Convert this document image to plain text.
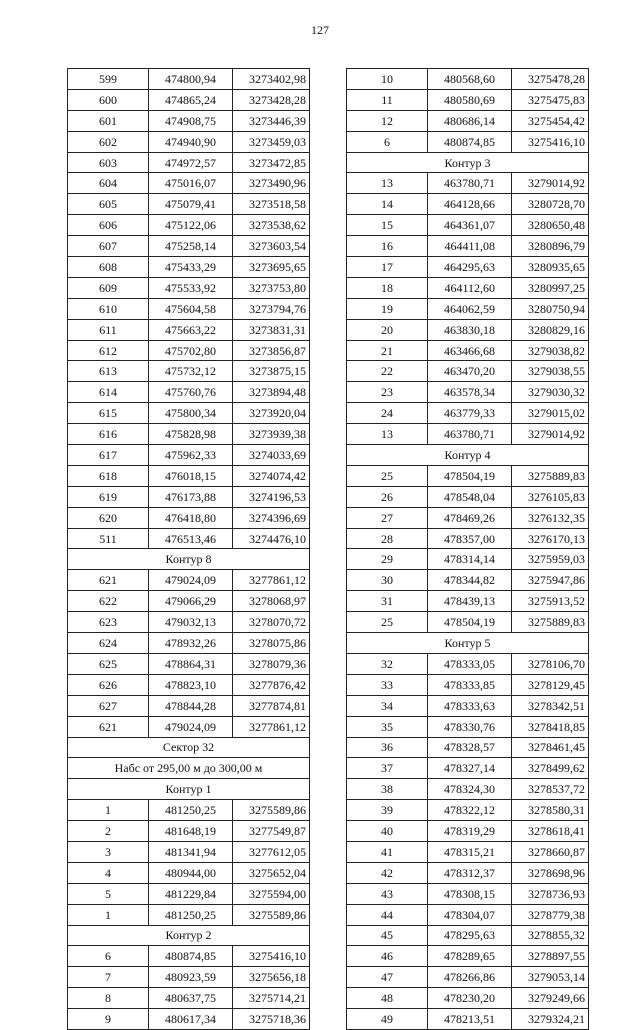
127
599	474800,94	3273402,98
600	474865,24	3273428,28
601	474908,75	3273446,39
602	474940,90	3273459,03
603	474972,57	3273472,85
604	475016,07	3273490,96
605	475079,41	3273518,58
606	475122,06	3273538,62
607	475258,14	3273603,54
608	475433,29	3273695,65
609	475533,92	3273753,80
610	475604,58	3273794,76
611	475663,22	3273831,31
612	475702,80	3273856,87
613	475732,12	3273875,15
614	475760,76	3273894,48
615	475800,34	3273920,04
616	475828,98	3273939,38
617	475962,33	3274033,69
618	476018,15	3274074,42
619	476173,88	3274196,53
620	476418,80	3274396,69
511	476513,46	3274476,10
Контур 8		
621	479024,09	3277861,12
622	479066,29	3278068,97
623	479032,13	3278070,72
624	478932,26	3278075,86
625	478864,31	3278079,36
626	478823,10	3277876,42
627	478844,28	3277874,81
621	479024,09	3277861,12
Сектор 32		
Набс от 295,00 м до 300,00 м		
Контур 1		
1	481250,25	3275589,86
2	481648,19	3277549,87
3	481341,94	3277612,05
4	480944,00	3275652,04
5	481229,84	3275594,00
1	481250,25	3275589,86
Контур 2		
6	480874,85	3275416,10
7	480923,59	3275656,18
8	480637,75	3275714,21
9	480617,34	3275718,36
10	480568,60	3275478,28
11	480580,69	3275475,83
12	480686,14	3275454,42
6	480874,85	3275416,10
Контур 3		
13	463780,71	3279014,92
14	464128,66	3280728,70
15	464361,07	3280650,48
16	464411,08	3280896,79
17	464295,63	3280935,65
18	464112,60	3280997,25
19	464062,59	3280750,94
20	463830,18	3280829,16
21	463466,68	3279038,82
22	463470,20	3279038,55
23	463578,34	3279030,32
24	463779,33	3279015,02
13	463780,71	3279014,92
Контур 4		
25	478504,19	3275889,83
26	478548,04	3276105,83
27	478469,26	3276132,35
28	478357,00	3276170,13
29	478314,14	3275959,03
30	478344,82	3275947,86
31	478439,13	3275913,52
25	478504,19	3275889,83
Контур 5		
32	478333,05	3278106,70
33	478333,85	3278129,45
34	478333,63	3278342,51
35	478330,76	3278418,85
36	478328,57	3278461,45
37	478327,14	3278499,62
38	478324,30	3278537,72
39	478322,12	3278580,31
40	478319,29	3278618,41
41	478315,21	3278660,87
42	478312,37	3278698,96
43	478308,15	3278736,93
44	478304,07	3278779,38
45	478295,63	3278855,32
46	478289,65	3278897,55
47	478266,86	3279053,14
48	478230,20	3279249,66
49	478213,51	3279324,21
